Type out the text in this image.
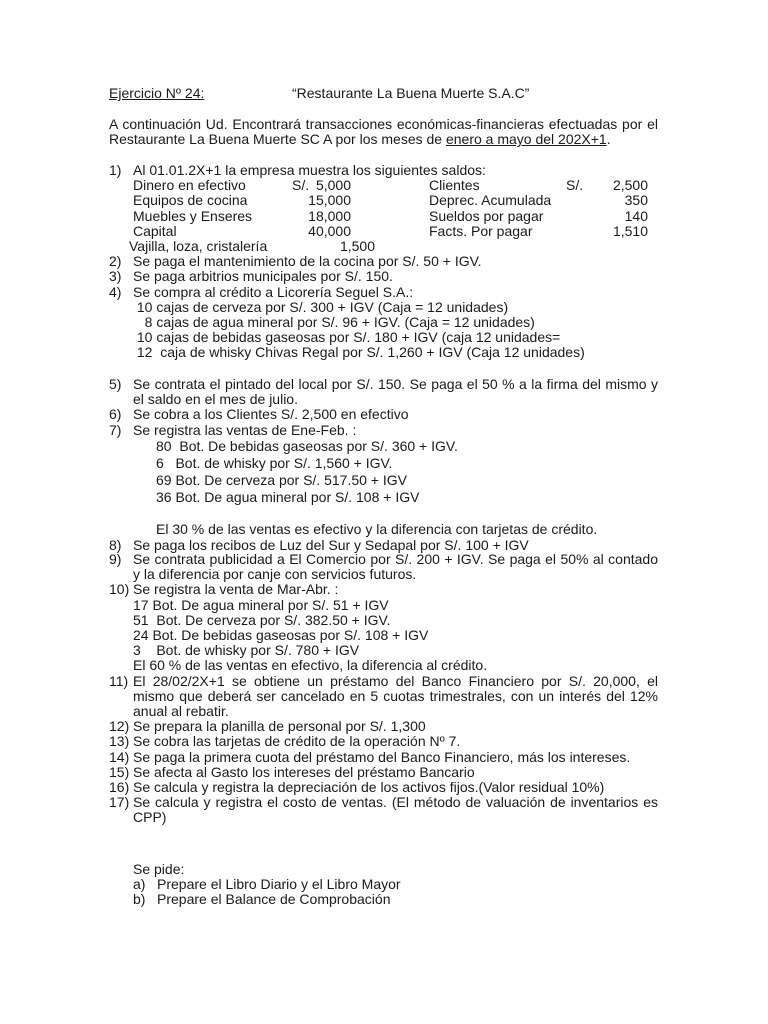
Ejercicio Nº 24:	“Restaurante La Buena Muerte S.A.C”
A continuación Ud. Encontrará transacciones económicas-financieras efectuadas por el Restaurante La Buena Muerte SC A por los meses de enero a mayo del 202X+1.
1) Al 01.01.2X+1 la empresa muestra los siguientes saldos:
Dinero en efectivo	S/. 5,000	Clientes	S/. 2,500
Equipos de cocina	15,000	Deprec. Acumulada	350
Muebles y Enseres	18,000	Sueldos por pagar	140
Capital	40,000	Facts. Por pagar	1,510
Vajilla, loza, cristalería	1,500
2) Se paga el mantenimiento de la cocina por S/. 50 + IGV.
3) Se paga arbitrios municipales por S/. 150.
4) Se compra al crédito a Licorería Seguel S.A.:
10 cajas de cerveza por S/. 300 + IGV (Caja = 12 unidades)
8 cajas de agua mineral por S/. 96 + IGV. (Caja = 12 unidades)
10 cajas de bebidas gaseosas por S/. 180 + IGV (caja 12 unidades=
12  caja de whisky Chivas Regal por S/. 1,260 + IGV (Caja 12 unidades)
5) Se contrata el pintado del local por S/. 150. Se paga el 50 % a la firma del mismo y el saldo en el mes de julio.
6) Se cobra a los Clientes S/. 2,500 en efectivo
7) Se registra las ventas de Ene-Feb. :
80  Bot. De bebidas gaseosas por S/. 360 + IGV.
6   Bot. de whisky por S/. 1,560 + IGV.
69 Bot. De cerveza por S/. 517.50 + IGV
36 Bot. De agua mineral por S/. 108 + IGV
El 30 % de las ventas es efectivo y la diferencia con tarjetas de crédito.
8) Se paga los recibos de Luz del Sur y Sedapal por S/. 100 + IGV
9) Se contrata publicidad a El Comercio por S/. 200 + IGV. Se paga el 50% al contado y la diferencia por canje con servicios futuros.
10) Se registra la venta de Mar-Abr. :
17 Bot. De agua mineral por S/. 51 + IGV
51  Bot. De cerveza por S/. 382.50 + IGV.
24 Bot. De bebidas gaseosas por S/. 108 + IGV
3    Bot. de whisky por S/. 780 + IGV
El 60 % de las ventas en efectivo, la diferencia al crédito.
11) El 28/02/2X+1 se obtiene un préstamo del Banco Financiero por S/. 20,000, el mismo que deberá ser cancelado en 5 cuotas trimestrales, con un interés del 12% anual al rebatir.
12) Se prepara la planilla de personal por S/. 1,300
13) Se cobra las tarjetas de crédito de la operación Nº 7.
14) Se paga la primera cuota del préstamo del Banco Financiero, más los intereses.
15) Se afecta al Gasto los intereses del préstamo Bancario
16) Se calcula y registra la depreciación de los activos fijos.(Valor residual 10%)
17) Se calcula y registra el costo de ventas. (El método de valuación de inventarios es CPP)
Se pide:
a) Prepare el Libro Diario y el Libro Mayor
b) Prepare el Balance de Comprobación
